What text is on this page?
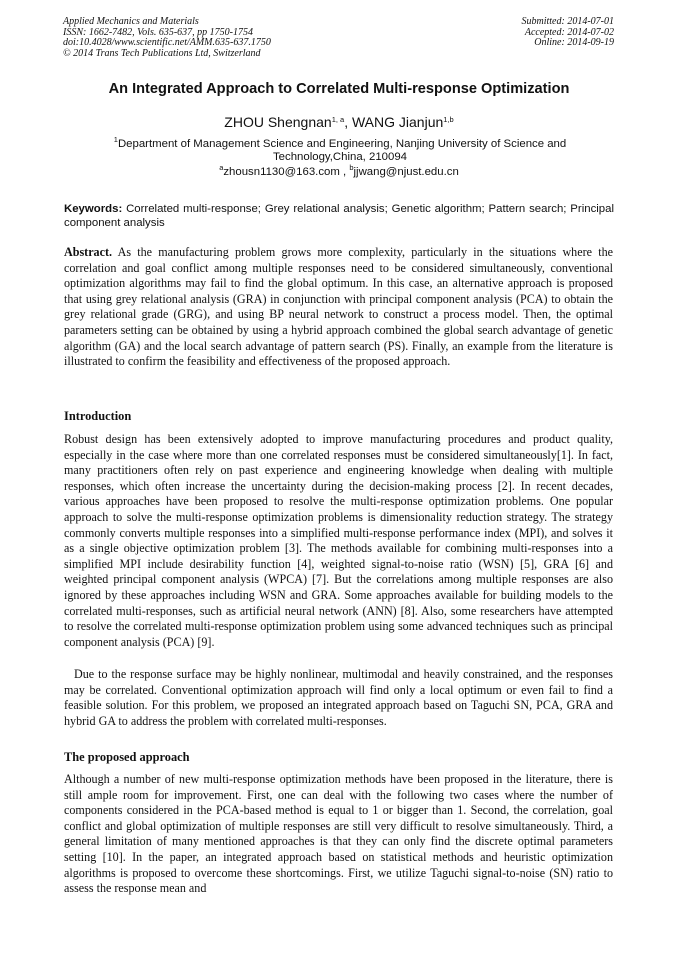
Applied Mechanics and Materials
ISSN: 1662-7482, Vols. 635-637, pp 1750-1754
doi:10.4028/www.scientific.net/AMM.635-637.1750
© 2014 Trans Tech Publications Ltd, Switzerland
Submitted: 2014-07-01
Accepted: 2014-07-02
Online: 2014-09-19
An Integrated Approach to Correlated Multi-response Optimization
ZHOU Shengnan$^{1, a}$, WANG Jianjun$^{1,b}$
$^1$Department of Management Science and Engineering, Nanjing University of Science and Technology,China, 210094
$^a$zhousn1130@163.com , $^b$jjwang@njust.edu.cn
Keywords: Correlated multi-response; Grey relational analysis; Genetic algorithm; Pattern search; Principal component analysis

Abstract. As the manufacturing problem grows more complexity, particularly in the situations where the correlation and goal conflict among multiple responses need to be considered simultaneously, conventional optimization algorithms may fail to find the global optimum. In this case, an alternative approach is proposed that using grey relational analysis (GRA) in conjunction with principal component analysis (PCA) to obtain the grey relational grade (GRG), and using BP neural network to construct a process model. Then, the optimal parameters setting can be obtained by using a hybrid approach combined the global search advantage of genetic algorithm (GA) and the local search advantage of pattern search (PS). Finally, an example from the literature is illustrated to confirm the feasibility and effectiveness of the proposed approach.

Introduction

Robust design has been extensively adopted to improve manufacturing procedures and product quality, especially in the case where more than one correlated responses must be considered simultaneously[1]. In fact, many practitioners often rely on past experience and engineering knowledge when dealing with multiple responses, which often increase the uncertainty during the decision-making process [2]. In recent decades, various approaches have been proposed to resolve the multi-response optimization problems. One popular approach to solve the multi-response optimization problems is dimensionality reduction strategy. The strategy commonly converts multiple responses into a simplified multi-response performance index (MPI), and solves it as a single objective optimization problem [3]. The methods available for combining multi-responses into a simplified MPI include desirability function [4], weighted signal-to-noise ratio (WSN) [5], GRA [6] and weighted principal component analysis (WPCA) [7]. But the correlations among multiple responses are also ignored by these approaches including WSN and GRA. Some approaches available for building models to the correlated multi-responses, such as artificial neural network (ANN) [8]. Also, some researchers have attempted to resolve the correlated multi-response optimization problem using some advanced techniques such as principal component analysis (PCA) [9].

Due to the response surface may be highly nonlinear, multimodal and heavily constrained, and the responses may be correlated. Conventional optimization approach will find only a local optimum or even fail to find a feasible solution. For this problem, we proposed an integrated approach based on Taguchi SN, PCA, GRA and hybrid GA to address the problem with correlated multi-responses.

The proposed approach

Although a number of new multi-response optimization methods have been proposed in the literature, there is still ample room for improvement. First, one can deal with the following two cases where the number of components considered in the PCA-based method is equal to 1 or bigger than 1. Second, the correlation, goal conflict and global optimization of multiple responses are still very difficult to resolve simultaneously. Third, a general limitation of many mentioned approaches is that they can only find the discrete optimal parameters setting [10]. In the paper, an integrated approach based on statistical methods and heuristic optimization algorithms is proposed to overcome these shortcomings. First, we utilize Taguchi signal-to-noise (SN) ratio to assess the response mean and
